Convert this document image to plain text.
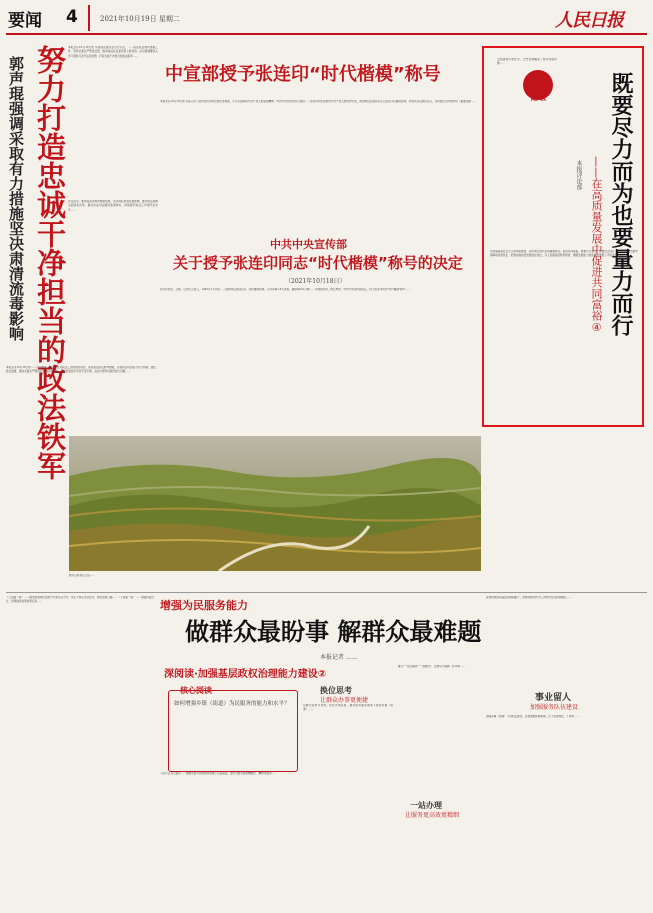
要闻 4	2021年10月19日 星期二	人民日报
郭声琨强调采取有力措施坚决肃清流毒影响 努力打造忠诚干净担当的政法铁军 本报北京10月18日电 中央政法委员会召开会议，……政法队伍教育整顿工作，坚持全面从严管党治警，推动政法队伍建设再上新台阶。会议强调要深入学习贯彻习近平法治思想，打造忠诚干净担当的政法铁军……
会议指出，要巩固深化教育整顿成果，坚决彻底肃清流毒影响，推进政法领域全面深化改革，健全执法司法制约监督体系，持续提升政法工作现代化水平……
本报北京10月18日电……会议要求，要坚持党对政法工作的绝对领导，深化政法队伍教育整顿，完善执法司法权力运行机制，强化政治监督，推动全面从严管党治警向纵深发展，为建设更高水平的平安中国、法治中国作出新的更大贡献……
中宣部授予张连印“时代楷模”称号
本报北京10月18日电 为深入学习宣传张连印同志的先进事迹，大力弘扬新时代共产党人的崇高精神，中共中央宣传部近日追授……张连印同志是新时代共产党人的优秀代表，他退休后扎根家乡左云县荒沙区植树造林，带领乡亲们绿化荒山，为改善生态环境作出了重要贡献……
中共中央宣传部
关于授予张连印同志“时代楷模”称号的决定
（2021年10月18日）
张连印同志，汉族，山西左云县人，1945年1月出生……他退休后回到家乡，坚持植树造林，义务造林1.8万余亩，植树200多万株……为褒扬先进，树立典型，中共中央宣传部决定，授予张连印同志"时代楷模"称号……
图为山西省左云县……
全面建成小康社会，历史性地解决了绝对贫困问题……
论坛	既要尽力而为也要量力而行
——在高质量发展中促进共同富裕④
本报评论部
共同富裕是社会主义的本质要求，是中国式现代化的重要特征。促进共同富裕，既要尽力而为，也要量力而行……要坚持在发展中保障和改善民生，把推动高质量发展放在首位，为人民提高受教育程度、增强发展能力创造更加普惠公平的条件……
（上接第一版）……推动形成绿色发展方式和生活方式，坚定不移走生态优先、绿色发展之路……（上接第一版）……加强顶层设计，统筹推进各项改革任务……	增强为民服务能力
做群众最盼事 解群众最难题
本报记者 ……
深阅读·加强基层政权治理能力建设②
核心阅读
如何增强乡镇（街道）为民服务的能力和水平？
习近平总书记指出……要推动更多资源服务管理下沉到基层，更好为群众提供精准化、精细化服务……
换位思考
让群众办事更便捷
以群众需求为导向，优化办事流程，推动政务服务事项下放到乡镇（街道）……
一站办理
让服务更高效更精细
推行"一站式服务""一窗通办"，让群众少跑腿、好办事……
各地积极探索基层治理新路子，把服务群众作为工作的出发点和落脚点……
事业留人
加强服务队伍建设
加强乡镇（街道）干部队伍建设，完善激励保障机制，让干部留得住、干得好……
